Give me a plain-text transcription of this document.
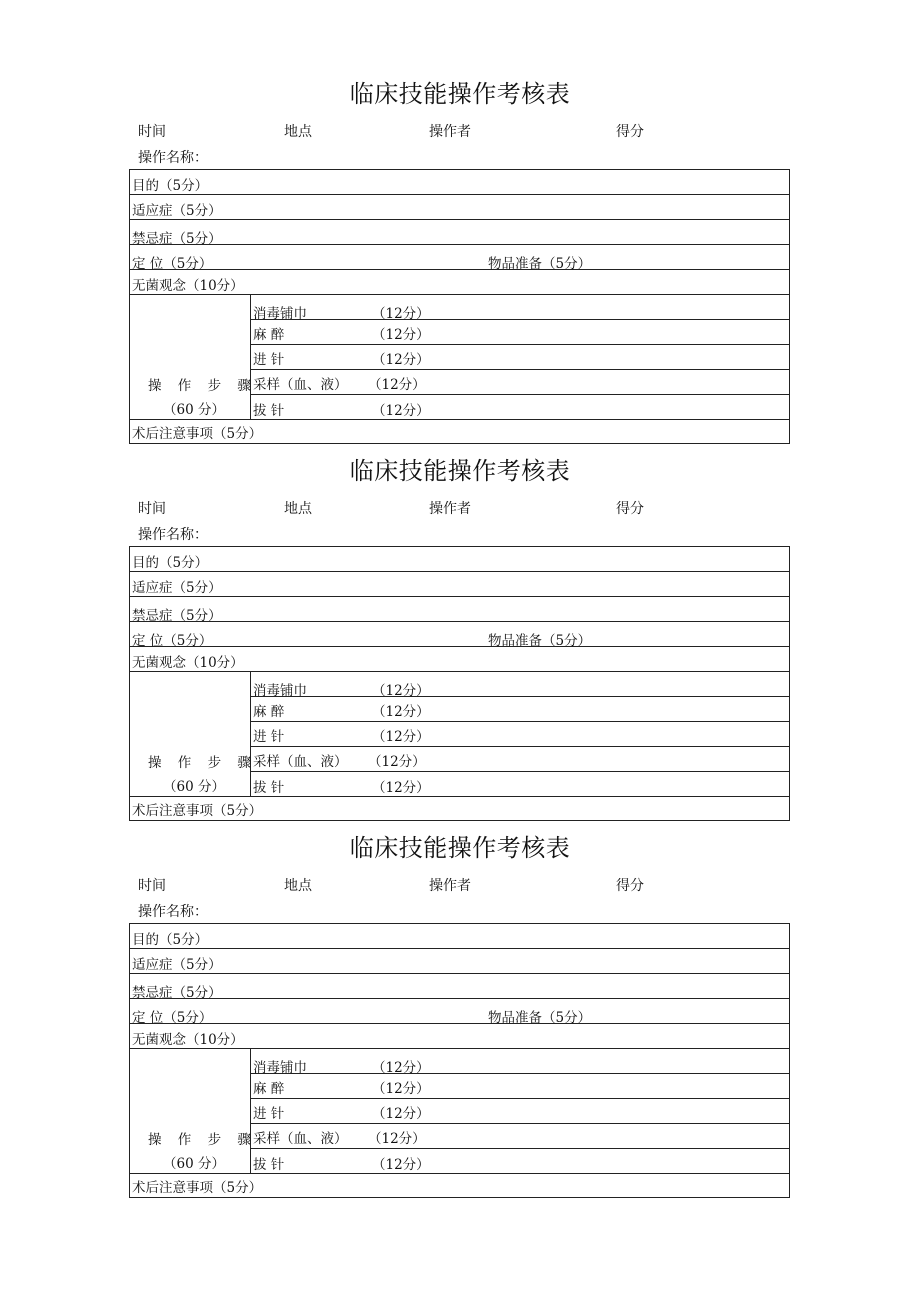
临床技能操作考核表
时间	地点	操作者	得分
操作名称：
目的（5分）
适应症（5分）
禁忌症（5分）
定 位（5分）	物品准备（5分）
无菌观念（10分）
操 作 步 骤
（60 分）
消毒铺巾	（12分）
麻 醉	（12分）
进 针	（12分）
采样（血、液） （12分）
拔 针	（12分）
术后注意事项（5分）
临床技能操作考核表
时间	地点	操作者	得分
操作名称：
目的（5分）
适应症（5分）
禁忌症（5分）
定 位（5分）	物品准备（5分）
无菌观念（10分）
操 作 步 骤
（60 分）
消毒铺巾	（12分）
麻 醉	（12分）
进 针	（12分）
采样（血、液） （12分）
拔 针	（12分）
术后注意事项（5分）
临床技能操作考核表
时间	地点	操作者	得分
操作名称：
目的（5分）
适应症（5分）
禁忌症（5分）
定 位（5分）	物品准备（5分）
无菌观念（10分）
操 作 步 骤
（60 分）
消毒铺巾	（12分）
麻 醉	（12分）
进 针	（12分）
采样（血、液） （12分）
拔 针	（12分）
术后注意事项（5分）
